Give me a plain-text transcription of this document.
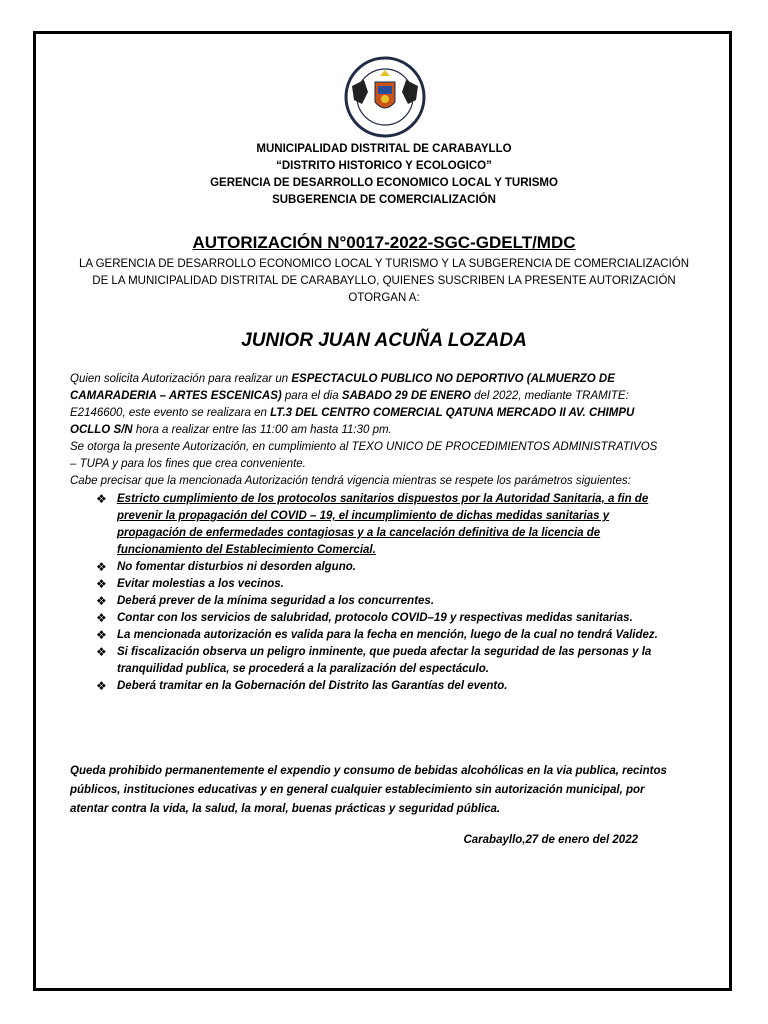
MUNICIPALIDAD DISTRITAL DE CARABAYLLO
“DISTRITO HISTORICO Y ECOLOGICO”
GERENCIA DE DESARROLLO ECONOMICO LOCAL Y TURISMO
SUBGERENCIA DE COMERCIALIZACIÓN
AUTORIZACIÓN N°0017-2022-SGC-GDELT/MDC
LA GERENCIA DE DESARROLLO ECONOMICO LOCAL Y TURISMO Y LA SUBGERENCIA DE COMERCIALIZACIÓN DE LA MUNICIPALIDAD DISTRITAL DE CARABAYLLO, QUIENES SUSCRIBEN LA PRESENTE AUTORIZACIÓN OTORGAN A:
JUNIOR JUAN ACUÑA LOZADA

Quien solicita Autorización para realizar un ESPECTACULO PUBLICO NO DEPORTIVO (ALMUERZO DE CAMARADERIA – ARTES ESCENICAS) para el dia SABADO 29 DE ENERO del 2022, mediante TRAMITE: E2146600, este evento se realizara en LT.3 DEL CENTRO COMERCIAL QATUNA MERCADO II AV. CHIMPU OCLLO S/N hora a realizar entre las 11:00 am hasta 11:30 pm.

Se otorga la presente Autorización, en cumplimiento al TEXO UNICO DE PROCEDIMIENTOS ADMINISTRATIVOS – TUPA y para los fines que crea conveniente.

Cabe precisar que la mencionada Autorización tendrá vigencia mientras se respete los parámetros siguientes:

❖ Estricto cumplimiento de los protocolos sanitarios dispuestos por la Autoridad Sanitaria, a fin de prevenir la propagación del COVID – 19, el incumplimiento de dichas medidas sanitarias y propagación de enfermedades contagiosas y a la cancelación definitiva de la licencia de funcionamiento del Establecimiento Comercial.
❖ No fomentar disturbios ni desorden alguno.
❖ Evitar molestias a los vecinos.
❖ Deberá prever de la mínima seguridad a los concurrentes.
❖ Contar con los servicios de salubridad, protocolo COVID–19 y respectivas medidas sanitarias.
❖ La mencionada autorización es valida para la fecha en mención, luego de la cual no tendrá Validez.
❖ Si fiscalización observa un peligro inminente, que pueda afectar la seguridad de las personas y la tranquilidad publica, se procederá a la paralización del espectáculo.
❖ Deberá tramitar en la Gobernación del Distrito las Garantías del evento.
Queda prohibido permanentemente el expendio y consumo de bebidas alcohólicas en la via publica, recintos públicos, instituciones educativas y en general cualquier establecimiento sin autorización municipal, por atentar contra la vida, la salud, la moral, buenas prácticas y seguridad pública.
Carabayllo,27 de enero del 2022
